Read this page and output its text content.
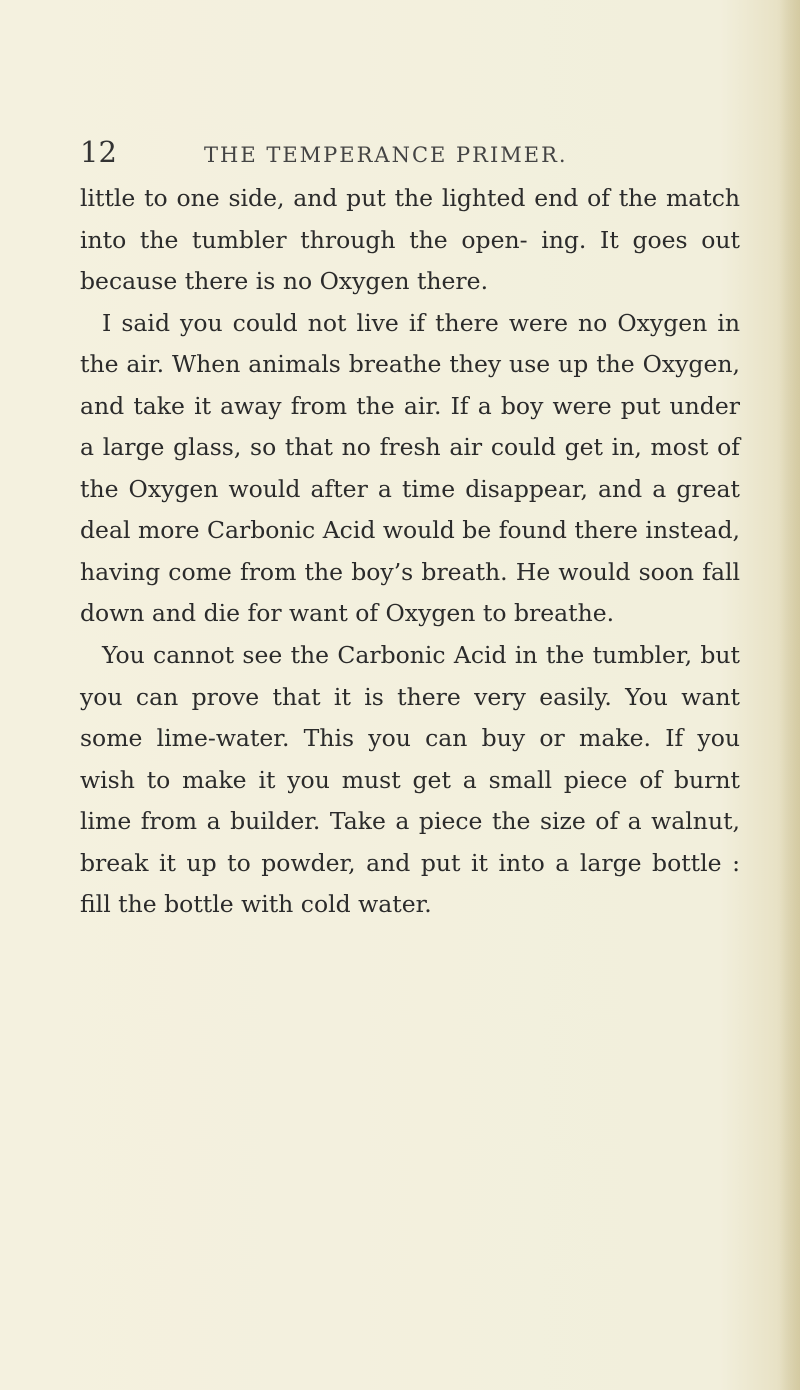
12	THE TEMPERANCE PRIMER.

little to one side, and put the lighted end of the match into the tumbler through the open- ing. It goes out because there is no Oxygen there.

I said you could not live if there were no Oxygen in the air. When animals breathe they use up the Oxygen, and take it away from the air. If a boy were put under a large glass, so that no fresh air could get in, most of the Oxygen would after a time disappear, and a great deal more Carbonic Acid would be found there instead, having come from the boy’s breath. He would soon fall down and die for want of Oxygen to breathe.

You cannot see the Carbonic Acid in the tumbler, but you can prove that it is there very easily. You want some lime-water. This you can buy or make. If you wish to make it you must get a small piece of burnt lime from a builder. Take a piece the size of a walnut, break it up to powder, and put it into a large bottle : fill the bottle with cold water.
